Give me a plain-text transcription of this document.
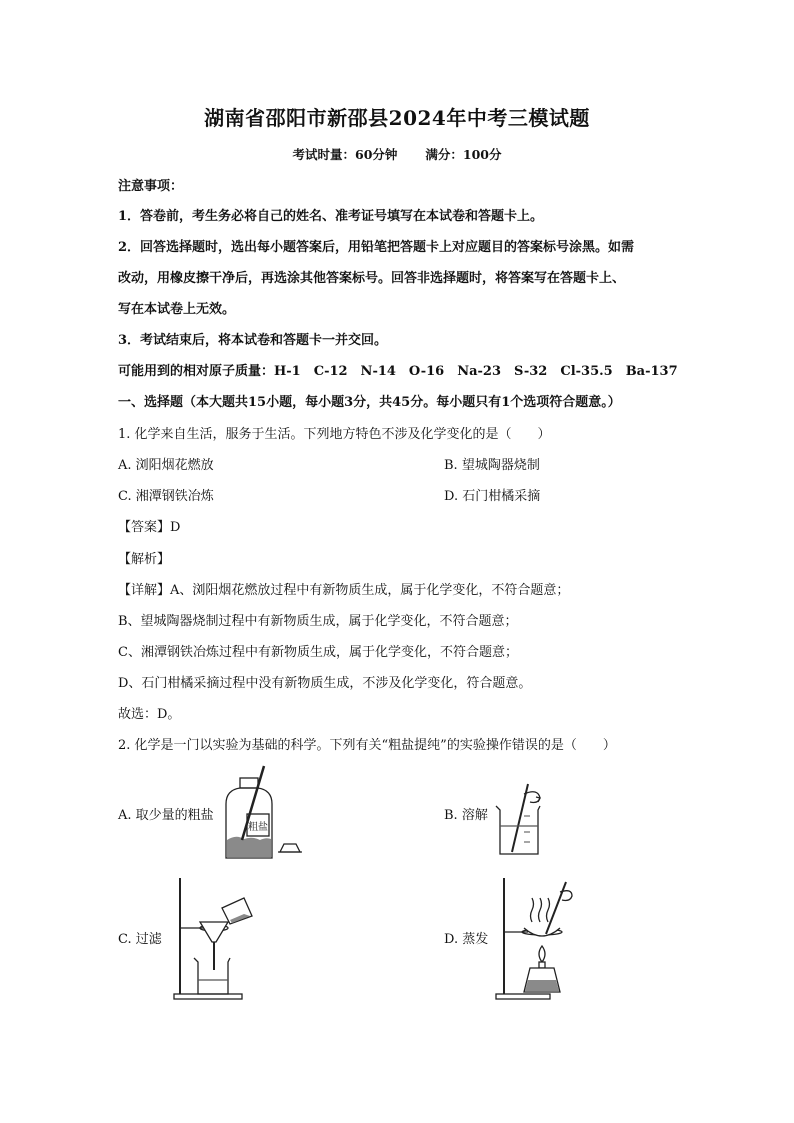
湖南省邵阳市新邵县2024年中考三模试题
考试时量：60分钟 满分：100分
注意事项：
1．答卷前，考生务必将自己的姓名、准考证号填写在本试卷和答题卡上。
2．回答选择题时，选出每小题答案后，用铅笔把答题卡上对应题目的答案标号涂黑。如需
改动，用橡皮擦干净后，再选涂其他答案标号。回答非选择题时，将答案写在答题卡上、
写在本试卷上无效。
3．考试结束后，将本试卷和答题卡一并交回。
可能用到的相对原子质量：H-1　C-12　N-14　O-16　Na-23　S-32　Cl-35.5　Ba-137
一、选择题（本大题共15小题，每小题3分，共45分。每小题只有1个选项符合题意。）
1. 化学来自生活，服务于生活。下列地方特色不涉及化学变化的是（　　）
A. 浏阳烟花燃放	B. 望城陶器烧制
C. 湘潭钢铁冶炼	D. 石门柑橘采摘
【答案】D
【解析】
【详解】A、浏阳烟花燃放过程中有新物质生成，属于化学变化，不符合题意；
B、望城陶器烧制过程中有新物质生成，属于化学变化，不符合题意；
C、湘潭钢铁冶炼过程中有新物质生成，属于化学变化，不符合题意；
D、石门柑橘采摘过程中没有新物质生成，不涉及化学变化，符合题意。
故选：D。
2. 化学是一门以实验为基础的科学。下列有关“粗盐提纯”的实验操作错误的是（　　）
A. 取少量的粗盐	B. 溶解
C. 过滤	D. 蒸发
粗盐
